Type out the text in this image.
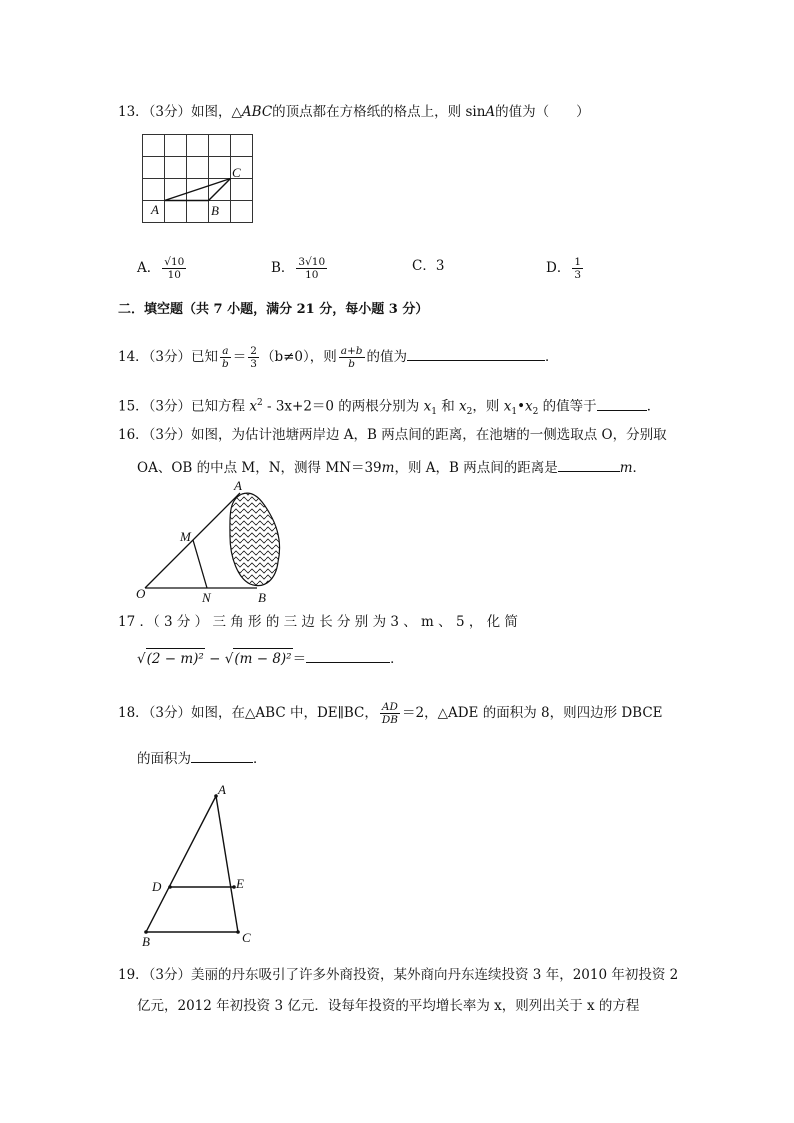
13．（3分）如图，△ABC的顶点都在方格纸的格点上，则 sinA的值为（　　）
A	B
C
A． $\frac{√10}{10}$	B． $\frac{3√10}{10}$	C．3	D． $\frac{1}{3}$
二．填空题（共 7 小题，满分 21 分，每小题 3 分）
14．（3分）已知 $\frac{a}{b} = \frac{2}{3} (b\ne 0)$，则 $\frac{a+b}{b}$ 的值为	．
15．（3分）已知方程 $x^2 - 3x+2=0$ 的两根分别为 $x_1$ 和 $x_2$，则 $x_1•x_2$ 的值等于	．
16．（3分）如图，为估计池塘两岸边 A，B 两点间的距离，在池塘的一侧选取点 O，分别取
OA、OB 的中点 M，N，测得 MN＝39m，则 A，B 两点间的距离是	m．
A
M
O	N	B
17 ．（ 3 分 ） 三 角 形 的 三 边 长 分 别 为 3 、 m 、 5 ， 化 简
√(2 − m)² − √(m − 8)²＝	．
18．（3分）如图，在△ABC 中，DE∥BC， $\frac{AD}{DB} =2$，△ADE 的面积为 8，则四边形 DBCE
的面积为	．
A
D	E
B	C
19．（3分）美丽的丹东吸引了许多外商投资，某外商向丹东连续投资 3 年，2010 年初投资 2
亿元，2012 年初投资 3 亿元．设每年投资的平均增长率为 x，则列出关于 x 的方程
